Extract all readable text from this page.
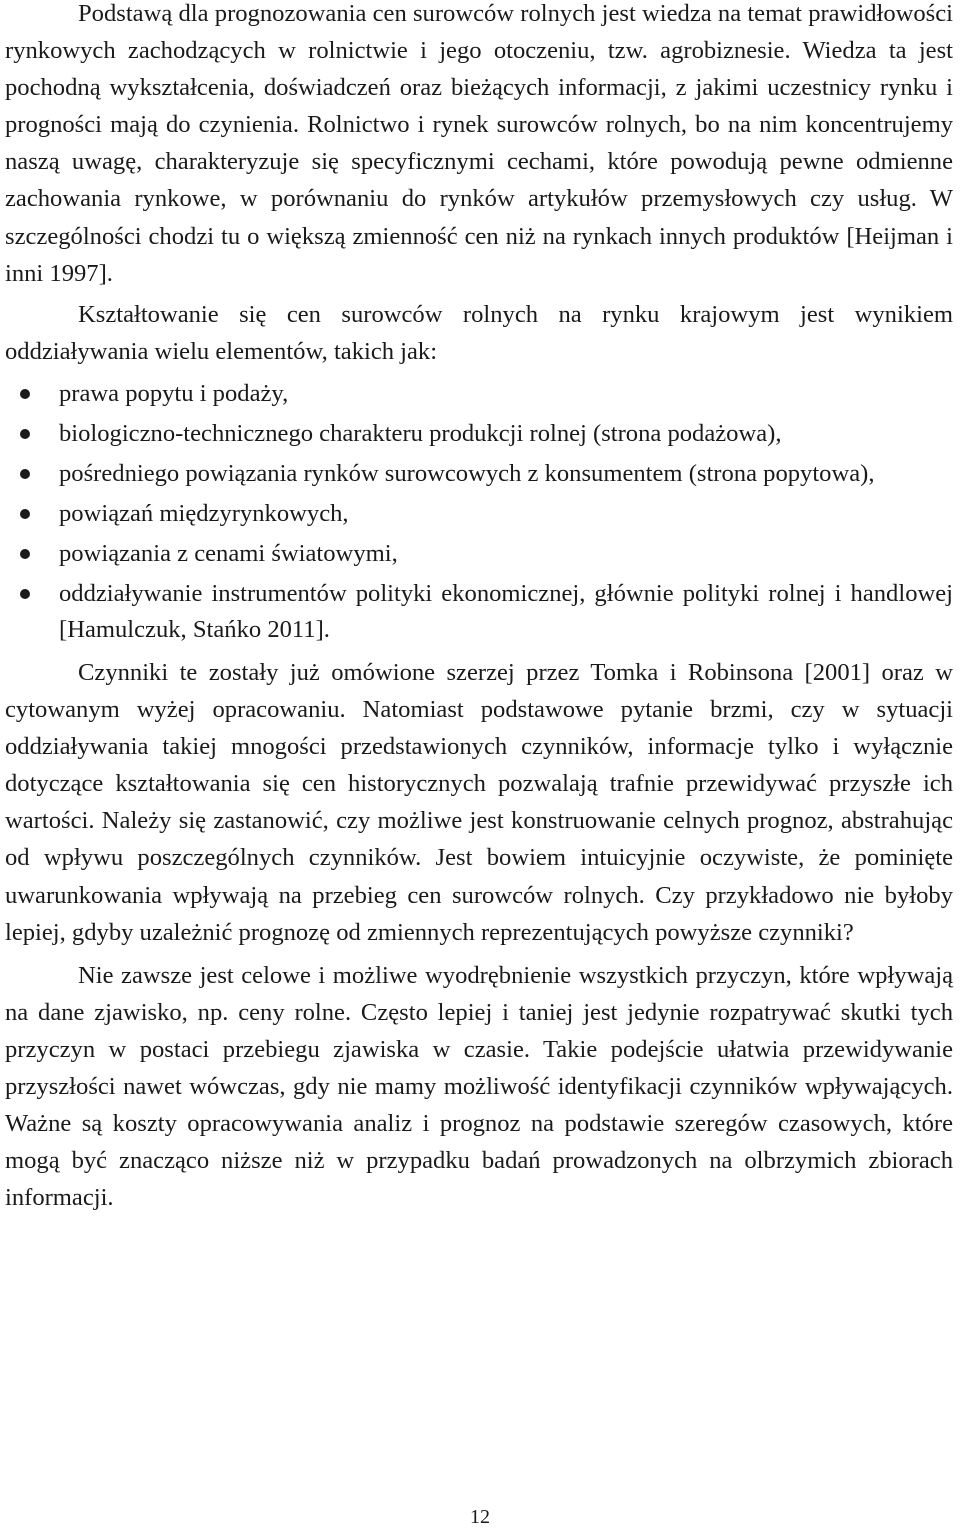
Podstawą dla prognozowania cen surowców rolnych jest wiedza na temat prawidłowości rynkowych zachodzących w rolnictwie i jego otoczeniu, tzw. agrobiznesie. Wiedza ta jest pochodną wykształcenia, doświadczeń oraz bieżących informacji, z jakimi uczestnicy rynku i progności mają do czynienia. Rolnictwo i rynek surowców rolnych, bo na nim koncentrujemy naszą uwagę, charakteryzuje się specyficznymi cechami, które powodują pewne odmienne zachowania rynkowe, w porównaniu do rynków artykułów przemysłowych czy usług. W szczególności chodzi tu o większą zmienność cen niż na rynkach innych produktów [Heijman i inni 1997].

Kształtowanie się cen surowców rolnych na rynku krajowym jest wynikiem oddziaływania wielu elementów, takich jak:

prawa popytu i podaży,
biologiczno-technicznego charakteru produkcji rolnej (strona podażowa),
pośredniego powiązania rynków surowcowych z konsumentem (strona popytowa),
powiązań międzyrynkowych,
powiązania z cenami światowymi,
oddziaływanie instrumentów polityki ekonomicznej, głównie polityki rolnej i handlowej [Hamulczuk, Stańko 2011].

Czynniki te zostały już omówione szerzej przez Tomka i Robinsona [2001] oraz w cytowanym wyżej opracowaniu. Natomiast podstawowe pytanie brzmi, czy w sytuacji oddziaływania takiej mnogości przedstawionych czynników, informacje tylko i wyłącznie dotyczące kształtowania się cen historycznych pozwalają trafnie przewidywać przyszłe ich wartości. Należy się zastanowić, czy możliwe jest konstruowanie celnych prognoz, abstrahując od wpływu poszczególnych czynników. Jest bowiem intuicyjnie oczywiste, że pominięte uwarunkowania wpływają na przebieg cen surowców rolnych. Czy przykładowo nie byłoby lepiej, gdyby uzależnić prognozę od zmiennych reprezentujących powyższe czynniki?

Nie zawsze jest celowe i możliwe wyodrębnienie wszystkich przyczyn, które wpływają na dane zjawisko, np. ceny rolne. Często lepiej i taniej jest jedynie rozpatrywać skutki tych przyczyn w postaci przebiegu zjawiska w czasie. Takie podejście ułatwia przewidywanie przyszłości nawet wówczas, gdy nie mamy możliwość identyfikacji czynników wpływających. Ważne są koszty opracowywania analiz i prognoz na podstawie szeregów czasowych, które mogą być znacząco niższe niż w przypadku badań prowadzonych na olbrzymich zbiorach informacji.

12
